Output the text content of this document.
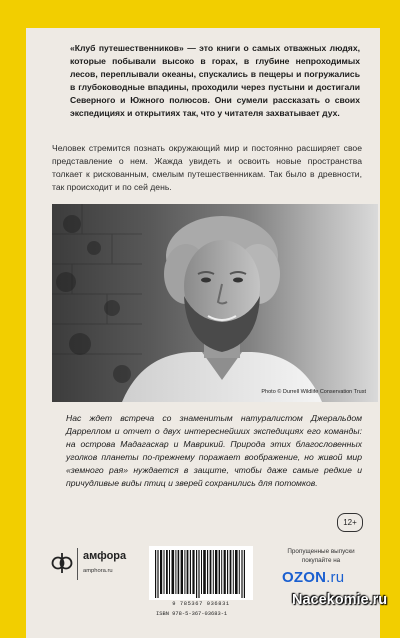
«Клуб путешественников» — это книги о самых отважных людях, которые побывали высоко в горах, в глубине непроходимых лесов, переплывали океаны, спускались в пещеры и погружались в глубоководные впадины, проходили через пустыни и достигали Северного и Южного полюсов. Они сумели рассказать о своих экспедициях и открытиях так, что у читателя захватывает дух.

Человек стремится познать окружающий мир и постоянно расширяет свое представление о нем. Жажда увидеть и освоить новые пространства толкает к рискованным, смелым путешественникам. Так было в древности, так происходит и по сей день.

Photo © Durrell Wildlife Conservation Trust

Нас ждет встреча со знаменитым натуралистом Джеральдом Дарреллом и отчет о двух интереснейших экспедициях его команды: на острова Мадагаскар и Маврикий. Природа этих благословенных уголков планеты по-прежнему поражает воображение, но живой мир «земного рая» нуждается в защите, чтобы даже самые редкие и причудливые виды птиц и зверей сохранились для потомков.

12+
амфора
amphora.ru
9 785367 036831
ISBN 978-5-367-03683-1
Пропущенные выпуски покупайте на
OZON.ru
Nacekomie.ru
